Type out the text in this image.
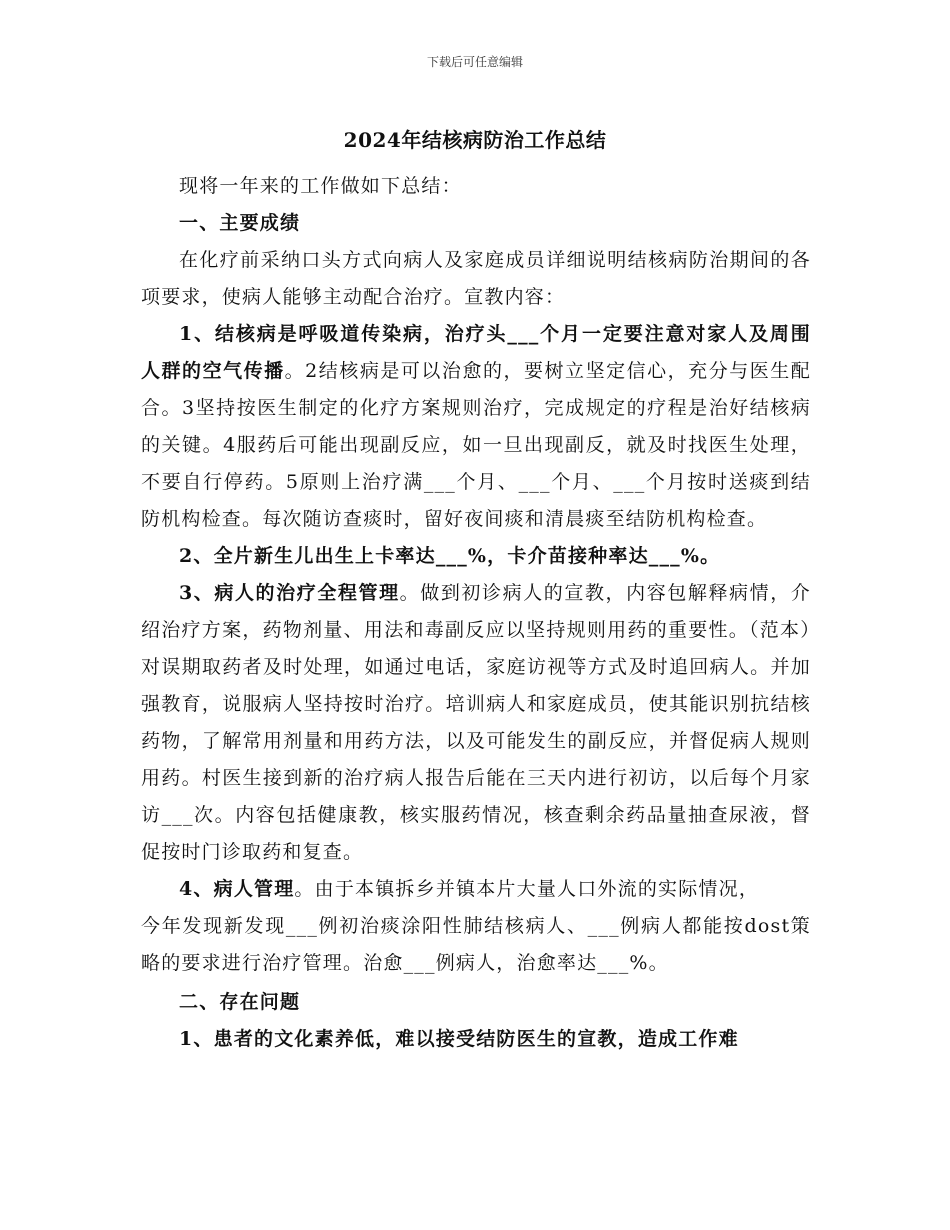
下载后可任意编辑
2024年结核病防治工作总结

现将一年来的工作做如下总结：

一、主要成绩

在化疗前采纳口头方式向病人及家庭成员详细说明结核病防治期间的各项要求，使病人能够主动配合治疗。宣教内容：

1、结核病是呼吸道传染病，治疗头___个月一定要注意对家人及周围人群的空气传播。2结核病是可以治愈的，要树立坚定信心，充分与医生配合。3坚持按医生制定的化疗方案规则治疗，完成规定的疗程是治好结核病的关键。4服药后可能出现副反应，如一旦出现副反，就及时找医生处理，不要自行停药。5原则上治疗满___个月、___个月、___个月按时送痰到结防机构检查。每次随访查痰时，留好夜间痰和清晨痰至结防机构检查。

2、全片新生儿出生上卡率达___%，卡介苗接种率达___%。

3、病人的治疗全程管理。做到初诊病人的宣教，内容包解释病情，介绍治疗方案，药物剂量、用法和毒副反应以坚持规则用药的重要性。（范本）对误期取药者及时处理，如通过电话，家庭访视等方式及时追回病人。并加强教育，说服病人坚持按时治疗。培训病人和家庭成员，使其能识别抗结核药物，了解常用剂量和用药方法，以及可能发生的副反应，并督促病人规则用药。村医生接到新的治疗病人报告后能在三天内进行初访，以后每个月家访___次。内容包括健康教，核实服药情况，核查剩余药品量抽查尿液，督促按时门诊取药和复查。

4、病人管理。由于本镇拆乡并镇本片大量人口外流的实际情况，

今年发现新发现___例初治痰涂阳性肺结核病人、___例病人都能按dost策略的要求进行治疗管理。治愈___例病人，治愈率达___%。

二、存在问题

1、患者的文化素养低，难以接受结防医生的宣教，造成工作难
